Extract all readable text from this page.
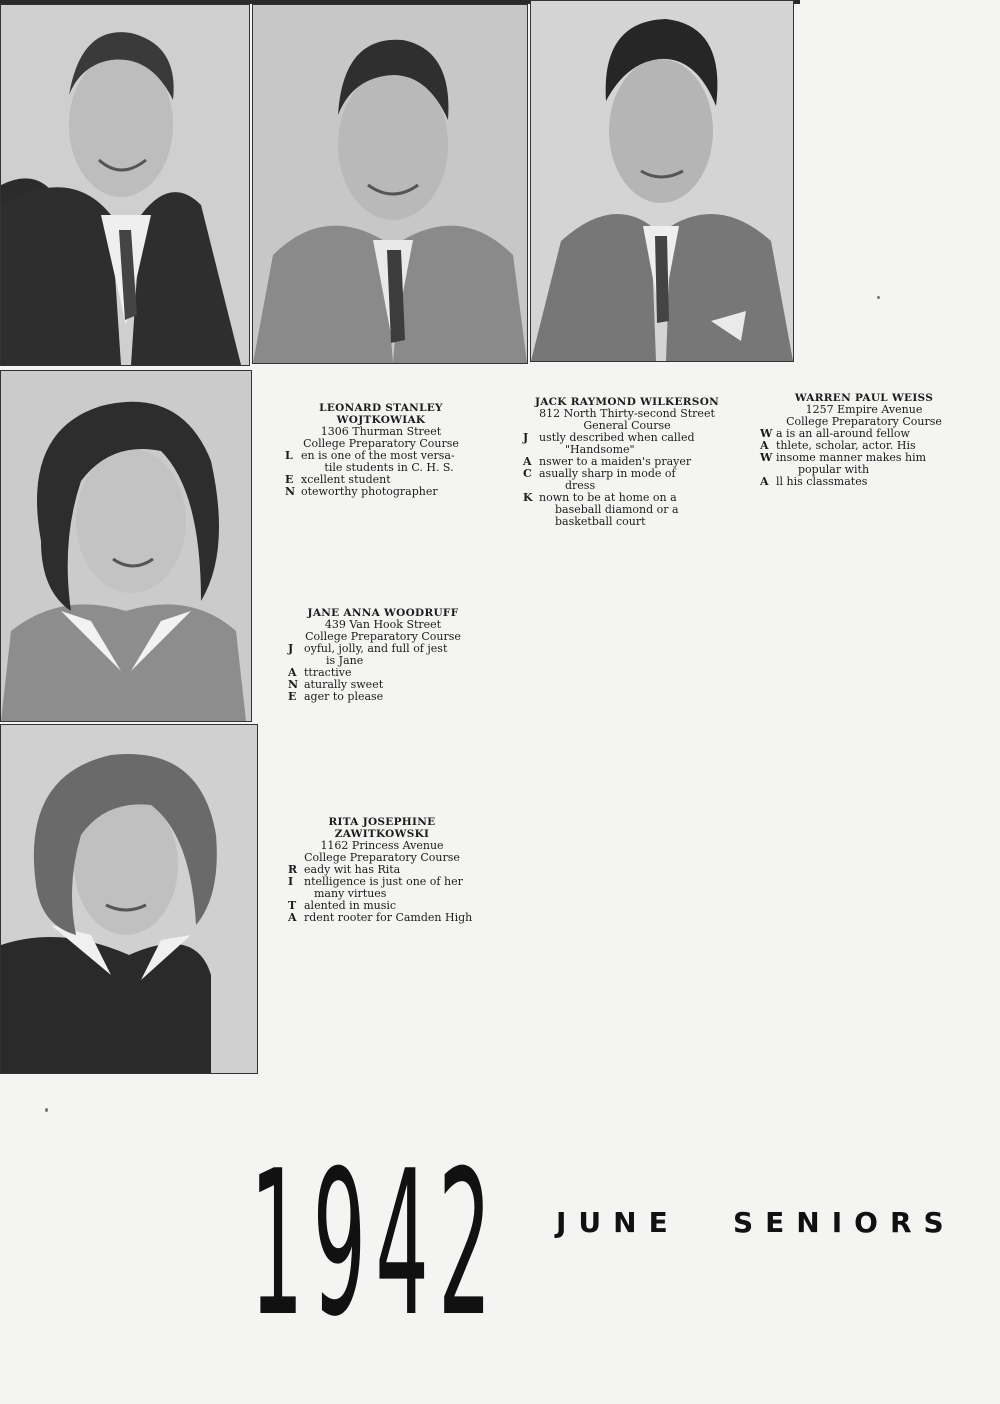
LEONARD STANLEY
WOJTKOWIAK
1306 Thurman Street
College Preparatory Course
L en is one of the most versa-
tile students in C. H. S.
E xcellent student
N oteworthy photographer
JACK RAYMOND WILKERSON
812 North Thirty-second Street
General Course
J ustly described when called
"Handsome"
A nswer to a maiden's prayer
C asually sharp in mode of
dress
K nown to be at home on a
baseball diamond or a
basketball court
WARREN PAUL WEISS
1257 Empire Avenue
College Preparatory Course
W a is an all-around fellow
A thlete, scholar, actor. His
W insome manner makes him
popular with
A ll his classmates
JANE ANNA WOODRUFF
439 Van Hook Street
College Preparatory Course
J oyful, jolly, and full of jest
is Jane
A ttractive
N aturally sweet
E ager to please
RITA JOSEPHINE
ZAWITKOWSKI
1162 Princess Avenue
College Preparatory Course
R eady wit has Rita
I ntelligence is just one of her
many virtues
T alented in music
A rdent rooter for Camden High
1942 JUNE SENIORS
